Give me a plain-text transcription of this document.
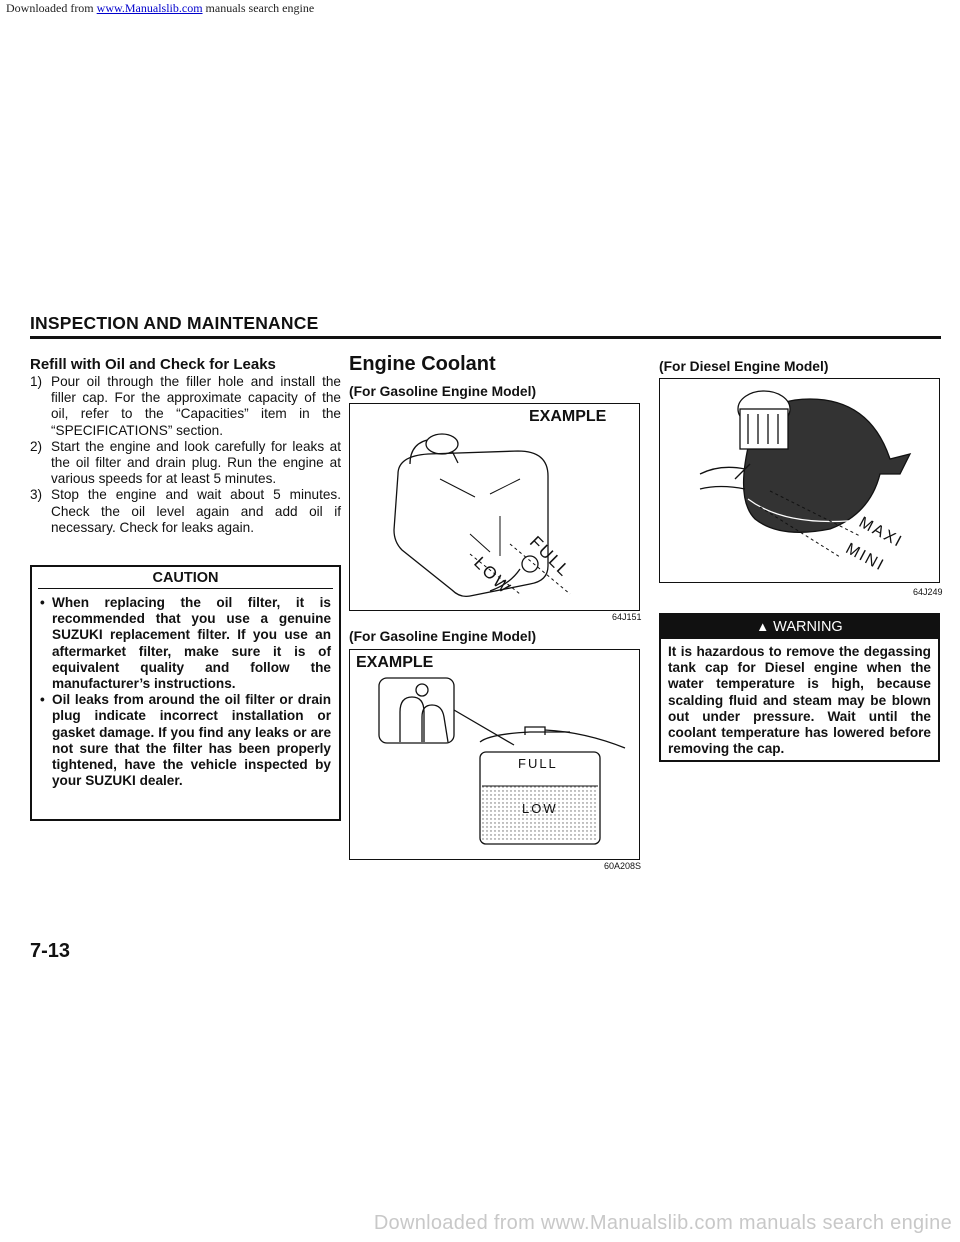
Downloaded from www.Manualslib.com manuals search engine
INSPECTION AND MAINTENANCE
Refill with Oil and Check for Leaks
1) Pour oil through the filler hole and install the filler cap. For the approximate capacity of the oil, refer to the “Capacities” item in the “SPECIFICATIONS” section.
2) Start the engine and look carefully for leaks at the oil filter and drain plug. Run the engine at various speeds for at least 5 minutes.
3) Stop the engine and wait about 5 minutes. Check the oil level again and add oil if necessary. Check for leaks again.
CAUTION
• When replacing the oil filter, it is recommended that you use a genuine SUZUKI replacement filter. If you use an aftermarket filter, make sure it is of equivalent quality and follow the manufacturer’s instructions.
• Oil leaks from around the oil filter or drain plug indicate incorrect installation or gasket damage. If you find any leaks or are not sure that the filter has been properly tightened, have the vehicle inspected by your SUZUKI dealer.
7-13
Engine Coolant
(For Gasoline Engine Model)
EXAMPLE
FULL
LOW
64J151
(For Gasoline Engine Model)
EXAMPLE
FULL
LOW
60A208S
(For Diesel Engine Model)
MAXI
MINI
64J249
▲ WARNING
It is hazardous to remove the degassing tank cap for Diesel engine when the water temperature is high, because scalding fluid and steam may be blown out under pressure. Wait until the coolant temperature has lowered before removing the cap.
Downloaded from www.Manualslib.com manuals search engine
